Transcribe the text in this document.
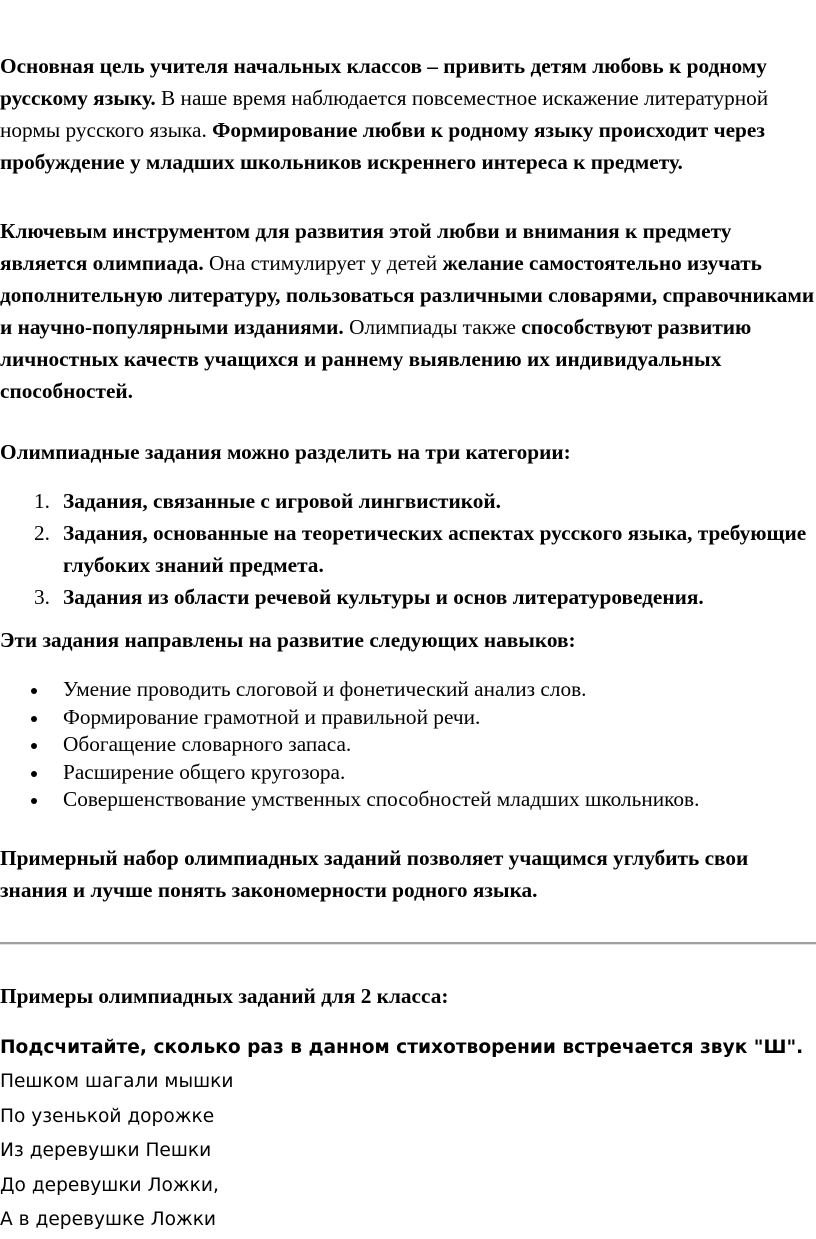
Основная цель учителя начальных классов – привить детям любовь к родному русскому языку. В наше время наблюдается повсеместное искажение литературной нормы русского языка. Формирование любви к родному языку происходит через пробуждение у младших школьников искреннего интереса к предмету.

Ключевым инструментом для развития этой любви и внимания к предмету является олимпиада. Она стимулирует у детей желание самостоятельно изучать дополнительную литературу, пользоваться различными словарями, справочниками и научно-популярными изданиями. Олимпиады также способствуют развитию личностных качеств учащихся и раннему выявлению их индивидуальных способностей.

Олимпиадные задания можно разделить на три категории:

1. Задания, связанные с игровой лингвистикой.
2. Задания, основанные на теоретических аспектах русского языка, требующие глубоких знаний предмета.
3. Задания из области речевой культуры и основ литературоведения.

Эти задания направлены на развитие следующих навыков:

Умение проводить слоговой и фонетический анализ слов.
Формирование грамотной и правильной речи.
Обогащение словарного запаса.
Расширение общего кругозора.
Совершенствование умственных способностей младших школьников.

Примерный набор олимпиадных заданий позволяет учащимся углубить свои знания и лучше понять закономерности родного языка.

Примеры олимпиадных заданий для 2 класса:

Подсчитайте, сколько раз в данном стихотворении встречается звук "Ш".

Пешком шагали мышки
По узенькой дорожке
Из деревушки Пешки
До деревушки Ложки,
А в деревушке Ложки
